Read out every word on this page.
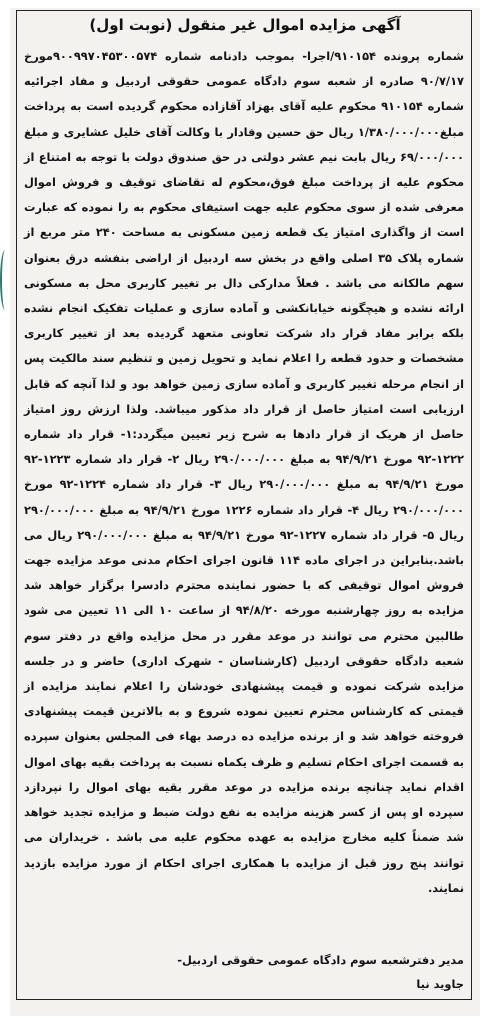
آگهی مزایده اموال غیر منقول (نوبت اول)
شماره پرونده ۹۱۰۱۵۴/اجرا- بموجب دادنامه شماره ۹۰۰۹۹۷۰۴۵۳۰۰۵۷۴مورخ ۹۰/۷/۱۷ صادره از شعبه سوم دادگاه عمومی حقوقی اردبیل و مفاد اجرائیه شماره ۹۱۰۱۵۴ محکوم علیه آقای بهزاد آقازاده محکوم گردیده است به پرداخت مبلغ۱/۳۸۰/۰۰۰/۰۰۰ ریال حق حسین وفادار با وکالت آقای خلیل عشایری و مبلغ ۶۹/۰۰۰/۰۰۰ ریال بابت نیم عشر دولتی در حق صندوق دولت با توجه به امتناع از محکوم علیه از پرداخت مبلغ فوق،محکوم له تقاضای توقیف و فروش اموال معرفی شده از سوی محکوم علیه جهت استیفای محکوم به را نموده که عبارت است از واگذاری امتیاز یک قطعه زمین مسکونی به مساحت ۲۴۰ متر مربع از شماره پلاک ۳۵ اصلی واقع در بخش سه اردبیل از اراضی بنفشه درق بعنوان سهم مالکانه می باشد . فعلاً مدارکی دال بر تغییر کاربری محل به مسکونی ارائه نشده و هیچگونه خیابانکشی و آماده سازی و عملیات تفکیک انجام نشده بلکه برابر مفاد قرار داد شرکت تعاونی متعهد گردیده بعد از تغییر کاربری مشخصات و حدود قطعه را اعلام نماید و تحویل زمین و تنظیم سند مالکیت پس از انجام مرحله تغییر کاربری و آماده سازی زمین خواهد بود و لذا آنچه که قابل ارزیابی است امتیاز حاصل از قرار داد مذکور میباشد. ولذا ارزش روز امتیاز حاصل از هریک از قرار دادها به شرح زیر تعیین میگردد:۱- قرار داد شماره ۱۲۲۲-۹۲ مورخ ۹۴/۹/۲۱ به مبلغ ۲۹۰/۰۰۰/۰۰۰ ریال ۲- قرار داد شماره ۱۲۲۳-۹۲ مورخ ۹۴/۹/۲۱ به مبلغ ۲۹۰/۰۰۰/۰۰۰ ریال ۳- قرار داد شماره ۱۲۲۴-۹۲ مورخ ۲۹۰/۰۰۰/۰۰۰ ریال ۴- قرار داد شماره ۱۲۲۶ مورخ ۹۴/۹/۲۱ به مبلغ ۲۹۰/۰۰۰/۰۰۰ ریال ۵- قرار داد شماره ۱۲۲۷-۹۲ مورخ ۹۴/۹/۲۱ به مبلغ ۲۹۰/۰۰۰/۰۰۰ ریال می باشد.بنابراین در اجرای ماده ۱۱۴ قانون اجرای احکام مدنی موعد مزایده جهت فروش اموال توقیفی که با حضور نماینده محترم دادسرا برگزار خواهد شد مزایده به روز چهارشنبه مورخه ۹۴/۸/۲۰ از ساعت ۱۰ الی ۱۱ تعیین می شود طالبین محترم می توانند در موعد مقرر در محل مزایده واقع در دفتر سوم شعبه دادگاه حقوقی اردبیل (کارشناسان - شهرک اداری) حاضر و در جلسه مزایده شرکت نموده و قیمت پیشنهادی خودشان را اعلام نمایند مزایده از قیمتی که کارشناس محترم تعیین نموده شروع و به بالاترین قیمت پیشنهادی فروخته خواهد شد و از برنده مزایده ده درصد بهاء فی المجلس بعنوان سپرده به قسمت اجرای احکام تسلیم و ظرف یکماه نسبت به پرداخت بقیه بهای اموال اقدام نماید چنانچه برنده مزایده در موعد مقرر بقیه بهای اموال را نپردازد سپرده او پس از کسر هزینه مزایده به نفع دولت ضبط و مزایده تجدید خواهد شد ضمناً کلیه مخارج مزایده به عهده محکوم علیه می باشد . خریداران می توانند پنج روز قبل از مزایده با همکاری اجرای احکام از مورد مزایده بازدید نمایند.
مدیر دفترشعبه سوم دادگاه عمومی حقوقی اردبیل-
جاوید نیا
